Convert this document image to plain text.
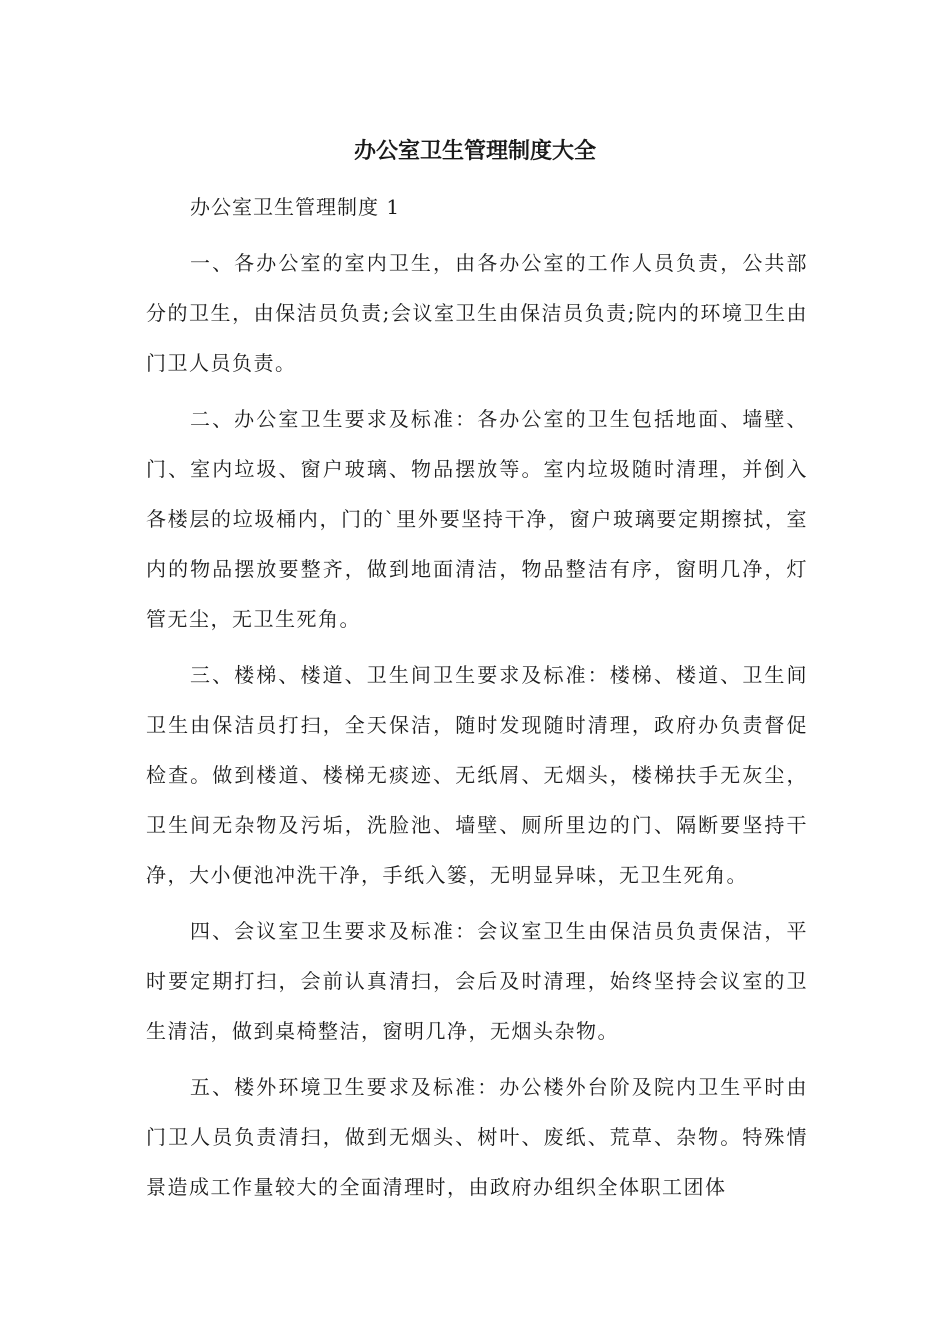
办公室卫生管理制度大全

办公室卫生管理制度 1

一、各办公室的室内卫生，由各办公室的工作人员负责，公共部分的卫生，由保洁员负责;会议室卫生由保洁员负责;院内的环境卫生由门卫人员负责。

二、办公室卫生要求及标准：各办公室的卫生包括地面、墙壁、门、室内垃圾、窗户玻璃、物品摆放等。室内垃圾随时清理，并倒入各楼层的垃圾桶内，门的`里外要坚持干净，窗户玻璃要定期擦拭，室内的物品摆放要整齐，做到地面清洁，物品整洁有序，窗明几净，灯管无尘，无卫生死角。

三、楼梯、楼道、卫生间卫生要求及标准：楼梯、楼道、卫生间卫生由保洁员打扫，全天保洁，随时发现随时清理，政府办负责督促检查。做到楼道、楼梯无痰迹、无纸屑、无烟头，楼梯扶手无灰尘，卫生间无杂物及污垢，洗脸池、墙壁、厕所里边的门、隔断要坚持干净，大小便池冲洗干净，手纸入篓，无明显异味，无卫生死角。

四、会议室卫生要求及标准：会议室卫生由保洁员负责保洁，平时要定期打扫，会前认真清扫，会后及时清理，始终坚持会议室的卫生清洁，做到桌椅整洁，窗明几净，无烟头杂物。

五、楼外环境卫生要求及标准：办公楼外台阶及院内卫生平时由门卫人员负责清扫，做到无烟头、树叶、废纸、荒草、杂物。特殊情景造成工作量较大的全面清理时，由政府办组织全体职工团体
